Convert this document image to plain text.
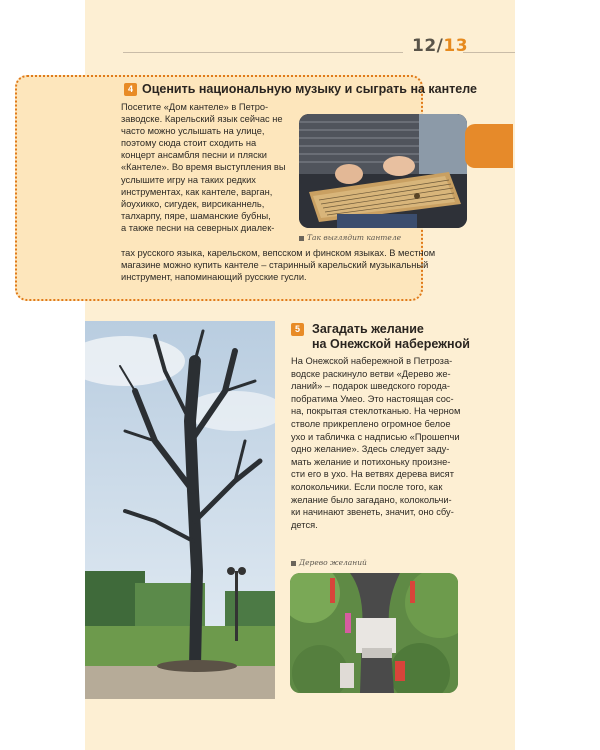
12/13
4 Оценить национальную музыку и сыграть на кантеле
Посетите «Дом кантеле» в Петро-
заводске. Карельский язык сейчас не
часто можно услышать на улице,
поэтому сюда стоит сходить на
концерт ансамбля песни и пляски
«Кантеле». Во время выступления вы
услышите игру на таких редких
инструментах, как кантеле, варган,
йоухикко, сигудек, виpсиканнель,
талхарпу, пяре, шаманские бубны,
а также песни на северных диалек-
тах русского языка, карельском, вепсском и финском языках. В местном
магазине можно купить кантеле – старинный карельский музыкальный
инструмент, напоминающий русские гусли.
Так выглядит кантеле
5 Загадать желание
на Онежской набережной
На Онежской набережной в Петроза-
водске раскинуло ветви «Дерево же-
ланий» – подарок шведского города-
побратима Умео. Это настоящая сос-
на, покрытая стеклотканью. На черном
стволе прикреплено огромное белое
ухо и табличка с надписью «Прошепчи
одно желание». Здесь следует заду-
мать желание и потихоньку произне-
сти его в ухо. На ветвях дерева висят
колокольчики. Если после того, как
желание было загадано, колокольчи-
ки начинают звенеть, значит, оно сбу-
дется.
Дерево желаний
